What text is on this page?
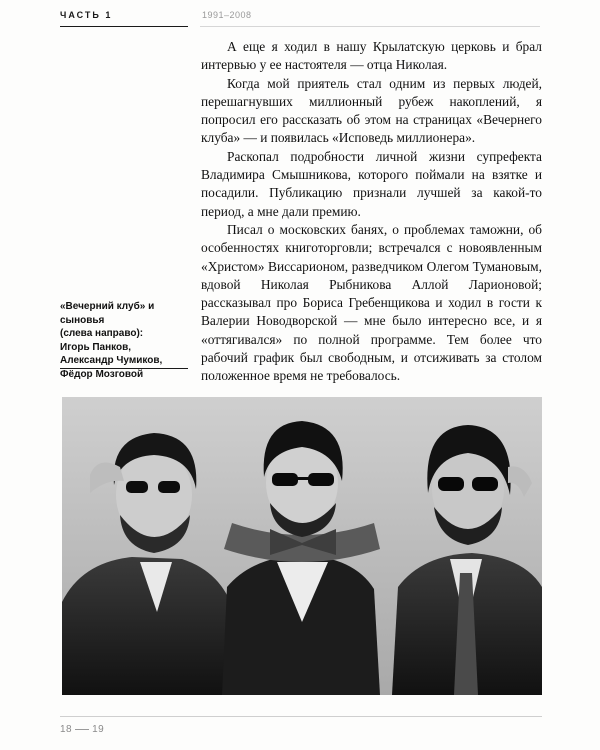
ЧАСТЬ 1	1991–2008

А еще я ходил в нашу Крылатскую церковь и брал интервью у ее настоятеля — отца Николая.

Когда мой приятель стал одним из первых людей, перешагнувших миллионный рубеж накоплений, я попросил его рассказать об этом на страницах «Вечернего клуба» — и появилась «Исповедь миллионера».

Раскопал подробности личной жизни супрефекта Владимира Смышникова, которого поймали на взятке и посадили. Публикацию признали лучшей за какой-то период, а мне дали премию.

Писал о московских банях, о проблемах таможни, об особенностях книготорговли; встречался с новоявленным «Христом» Виссарионом, разведчиком Олегом Тумановым, вдовой Николая Рыбникова Аллой Ларионовой; рассказывал про Бориса Гребенщикова и ходил в гости к Валерии Новодворской — мне было интересно все, и я «оттягивался» по полной программе. Тем более что рабочий график был свободным, и отсиживать за столом положенное время не требовалось.

«Вечерний клуб» и сыновья
(слева направо):
Игорь Панков,
Александр Чумиков,
Фёдор Мозговой
18 19
